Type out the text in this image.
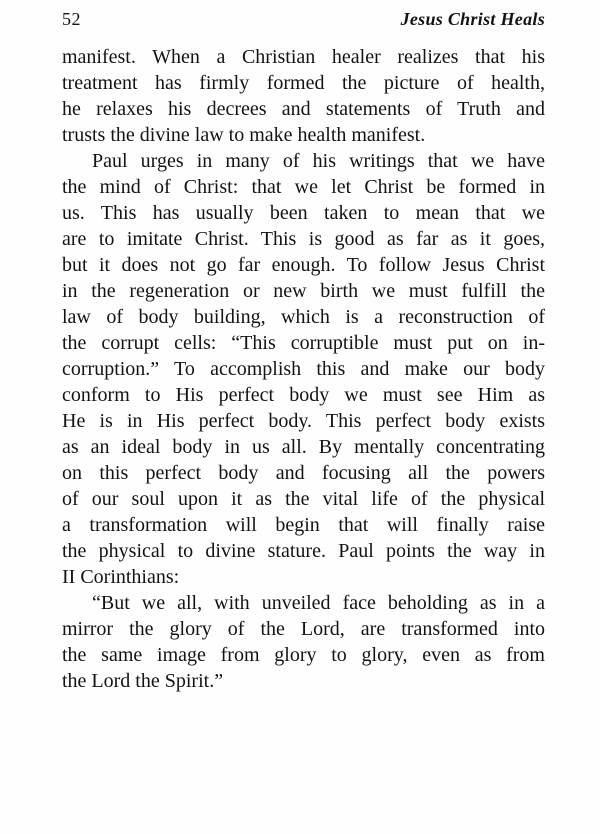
52	Jesus Christ Heals
manifest. When a Christian healer realizes that his
treatment has firmly formed the picture of health,
he relaxes his decrees and statements of Truth and
trusts the divine law to make health manifest.
Paul urges in many of his writings that we have
the mind of Christ: that we let Christ be formed in
us. This has usually been taken to mean that we
are to imitate Christ. This is good as far as it goes,
but it does not go far enough. To follow Jesus Christ
in the regeneration or new birth we must fulfill the
law of body building, which is a reconstruction of
the corrupt cells: “This corruptible must put on in-
corruption.” To accomplish this and make our body
conform to His perfect body we must see Him as
He is in His perfect body. This perfect body exists
as an ideal body in us all. By mentally concentrating
on this perfect body and focusing all the powers
of our soul upon it as the vital life of the physical
a transformation will begin that will finally raise
the physical to divine stature. Paul points the way in
II Corinthians:
“But we all, with unveiled face beholding as in a
mirror the glory of the Lord, are transformed into
the same image from glory to glory, even as from
the Lord the Spirit.”
